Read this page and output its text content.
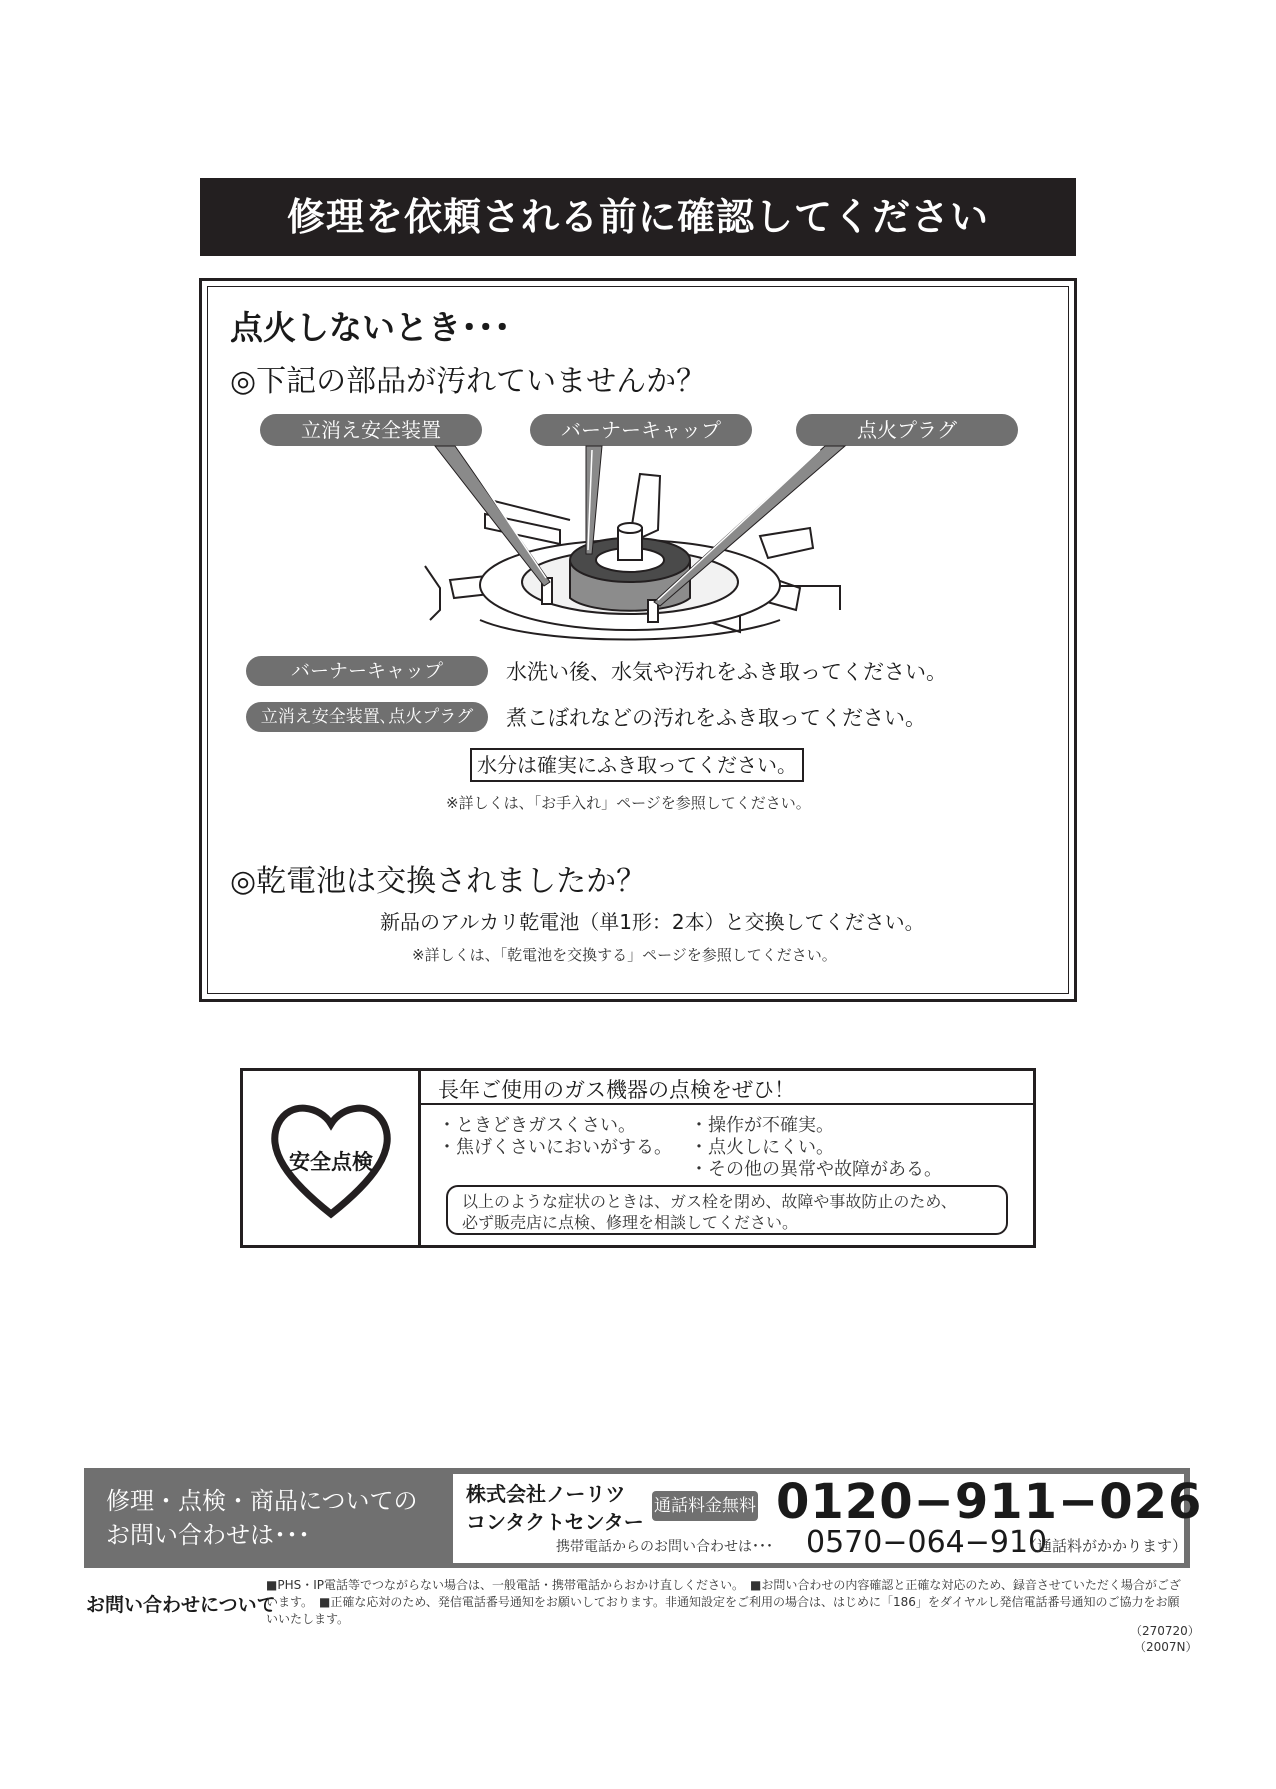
修理を依頼される前に確認してください
点火しないとき･･･
◎下記の部品が汚れていませんか？
立消え安全装置	バーナーキャップ	点火プラグ
バーナーキャップ	水洗い後、水気や汚れをふき取ってください。
立消え安全装置､点火プラグ	煮こぼれなどの汚れをふき取ってください。
水分は確実にふき取ってください。
※詳しくは、「お手入れ」ページを参照してください。
◎乾電池は交換されましたか？
新品のアルカリ乾電池（単1形：2本）と交換してください。
※詳しくは、「乾電池を交換する」ページを参照してください。
安全点検
長年ご使用のガス機器の点検をぜひ！
・ときどきガスくさい。
・焦げくさいにおいがする。
・操作が不確実。
・点火しにくい。
・その他の異常や故障がある。
以上のような症状のときは、ガス栓を閉め、故障や事故防止のため、
必ず販売店に点検、修理を相談してください。
修理・点検・商品についての
お問い合わせは･･･
株式会社ノーリツ
コンタクトセンター
通話料金無料 0120−911−026
携帯電話からのお問い合わせは･･･ 0570−064−910
（通話料がかかります）
お問い合わせについて
■PHS・IP電話等でつながらない場合は、一般電話・携帯電話からおかけ直しください。　■お問い合わせの内容確認と正確な対応のため、録音させていただく場合がございます。　■正確な応対のため、発信電話番号通知をお願いしております。非通知設定をご利用の場合は、はじめに「186」をダイヤルし発信電話番号通知のご協力をお願いいたします。
（270720）
（2007N）
